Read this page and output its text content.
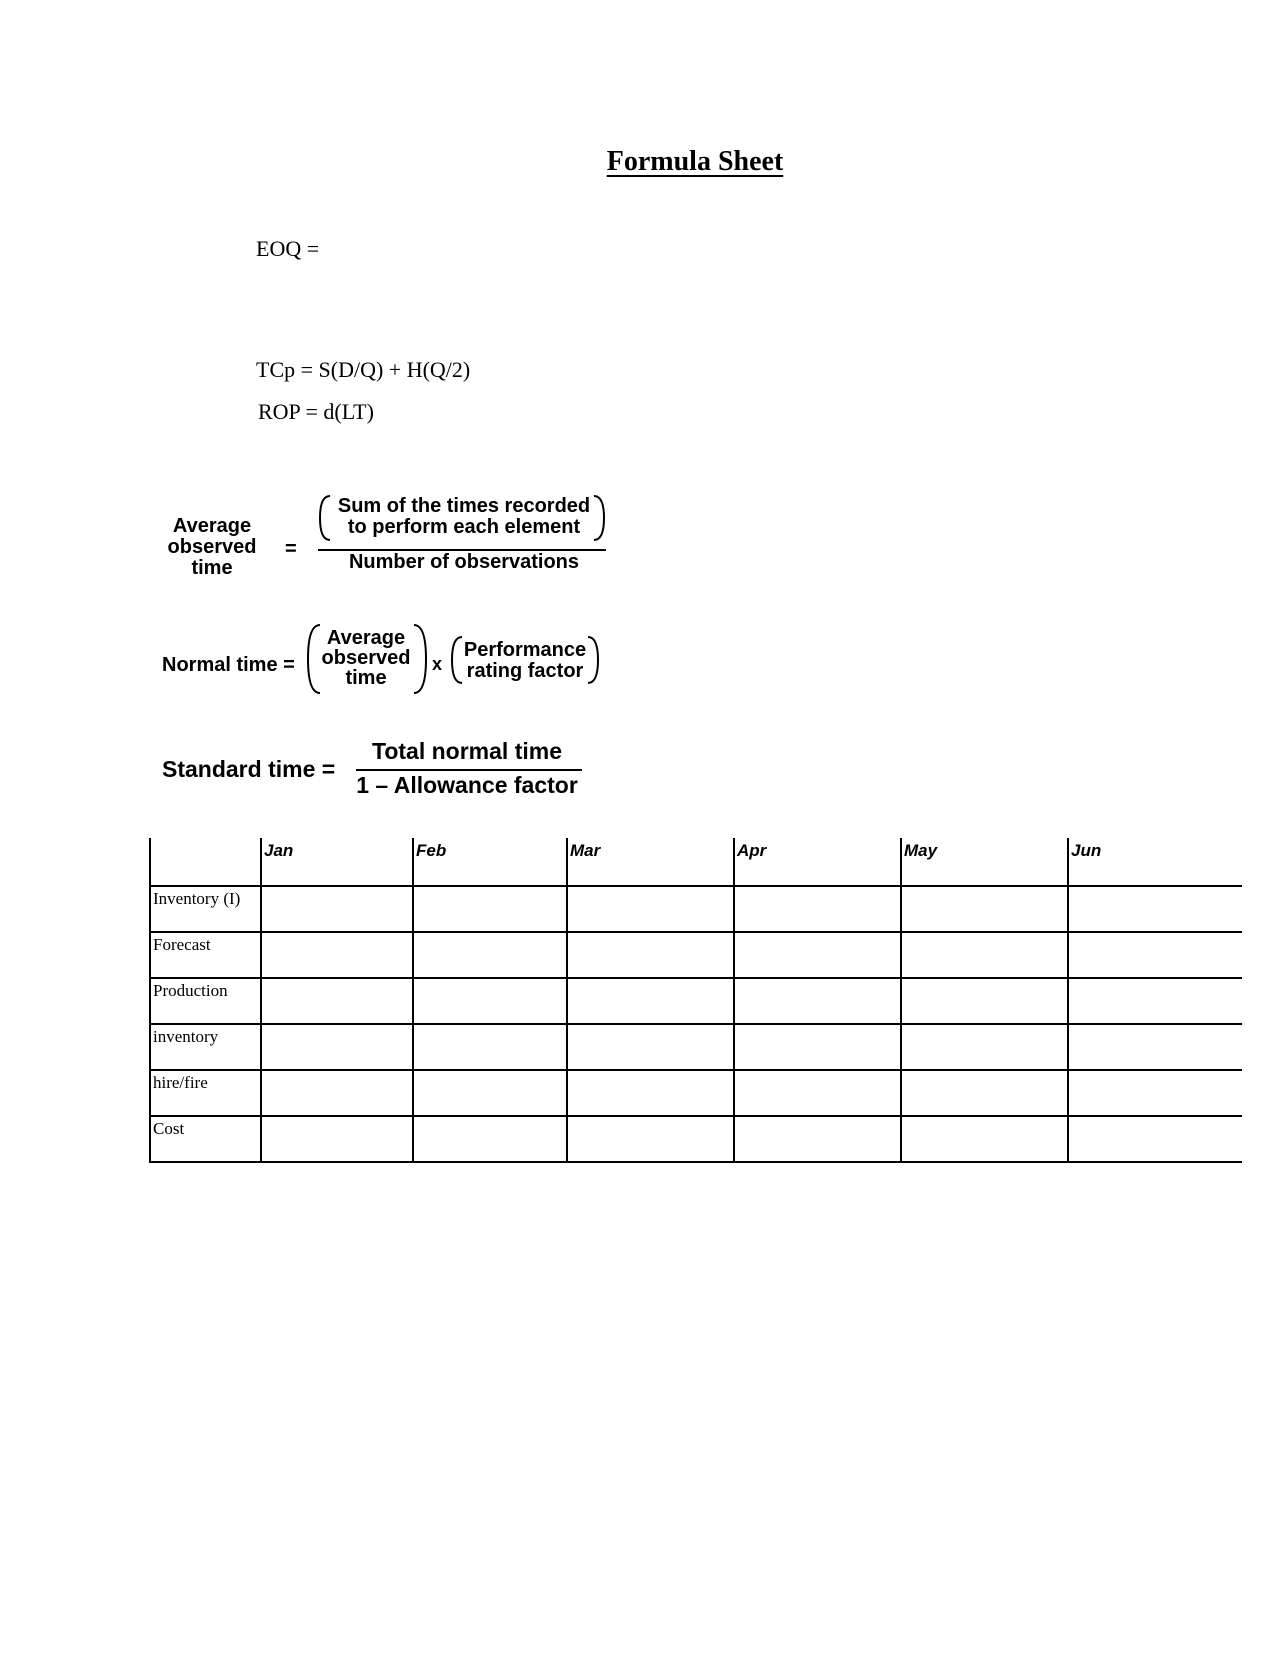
Formula Sheet
EOQ =
TCp = S(D/Q) + H(Q/2)
ROP = d(LT)
Average
observed
time
=
Sum of the times recorded
to perform each element
Number of observations
Normal time =
Average
observed
time
x
Performance
rating factor
Standard time =
Total normal time
1 – Allowance factor
	Jan	Feb	Mar	Apr	May	Jun
Inventory (I)						
Forecast						
Production						
inventory						
hire/fire						
Cost						
